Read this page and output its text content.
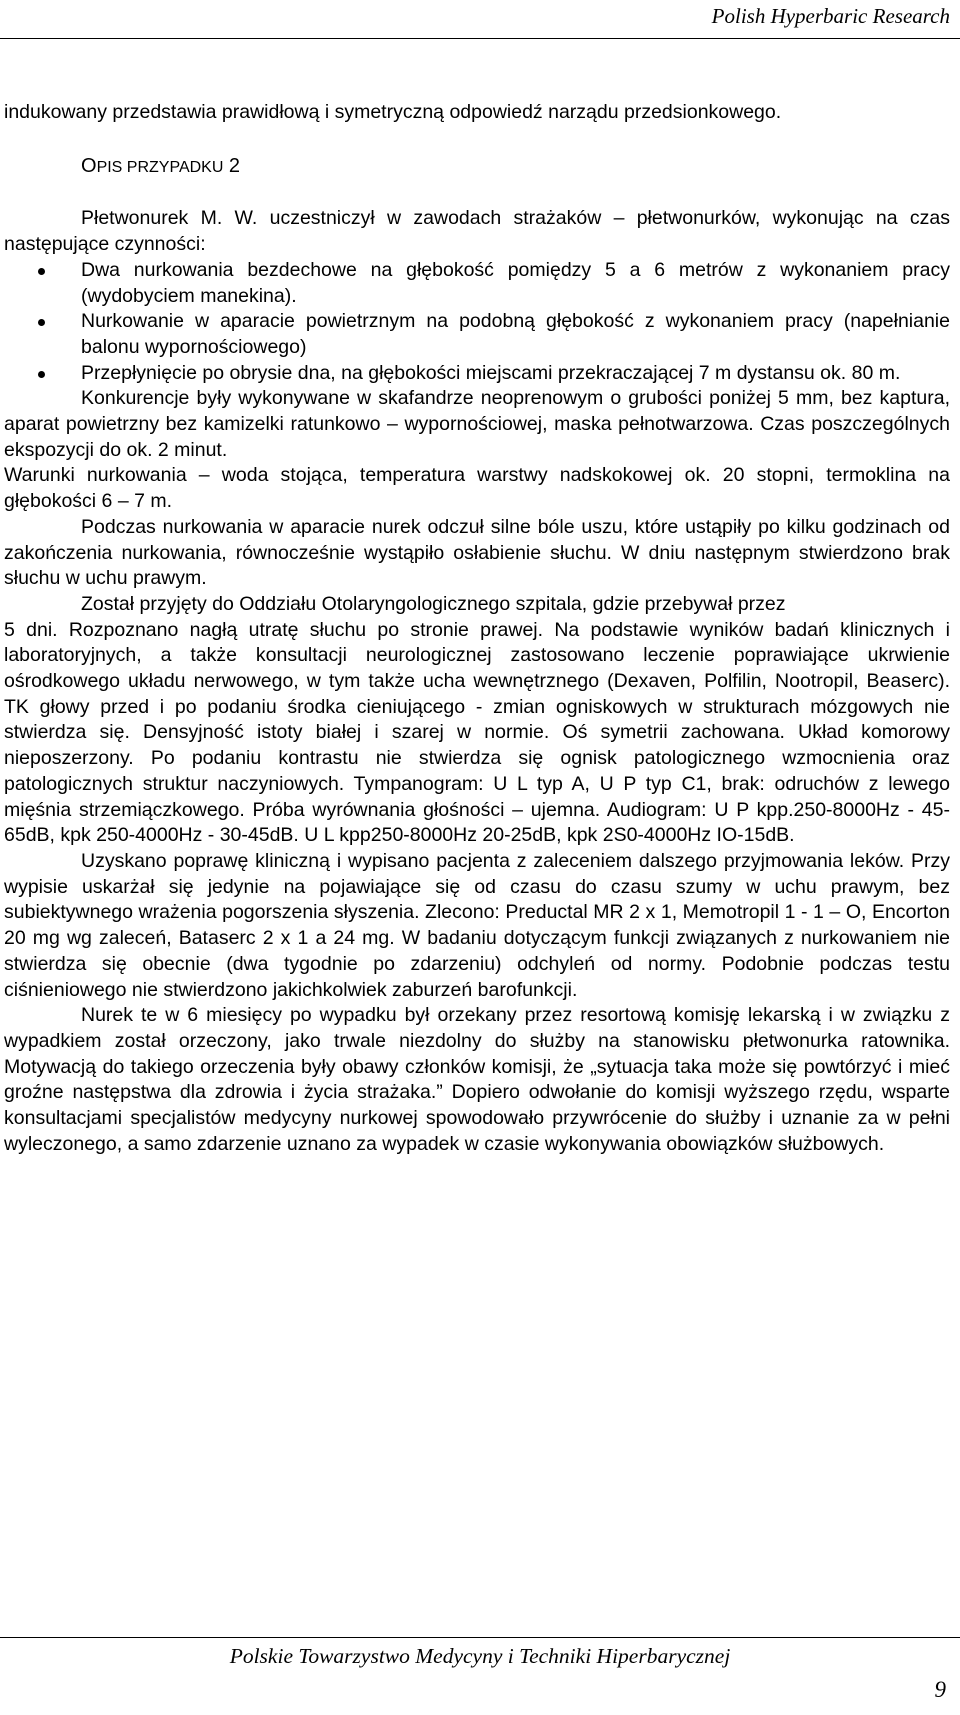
Polish Hyperbaric Research

indukowany przedstawia prawidłową i symetryczną odpowiedź narządu przedsionkowego.

OPIS PRZYPADKU 2

Płetwonurek M. W. uczestniczył w zawodach strażaków – płetwonurków, wykonując na czas następujące czynności:

Dwa nurkowania bezdechowe na głębokość pomiędzy 5 a 6 metrów z wykonaniem pracy (wydobyciem manekina).
Nurkowanie w aparacie powietrznym na podobną głębokość z wykonaniem pracy (napełnianie balonu wypornościowego)
Przepłynięcie po obrysie dna, na głębokości miejscami przekraczającej 7 m dystansu ok. 80 m.

Konkurencje były wykonywane w skafandrze neoprenowym o grubości poniżej 5 mm, bez kaptura, aparat powietrzny bez kamizelki ratunkowo – wypornościowej, maska pełnotwarzowa. Czas poszczególnych ekspozycji do ok. 2 minut.

Warunki nurkowania – woda stojąca, temperatura warstwy nadskokowej ok. 20 stopni, termoklina na głębokości 6 – 7 m.

Podczas nurkowania w aparacie nurek odczuł silne bóle uszu, które ustąpiły po kilku godzinach od zakończenia nurkowania, równocześnie wystąpiło osłabienie słuchu. W dniu następnym stwierdzono brak słuchu w uchu prawym.

Został przyjęty do Oddziału Otolaryngologicznego szpitala, gdzie przebywał przez

5 dni. Rozpoznano nagłą utratę słuchu po stronie prawej. Na podstawie wyników badań klinicznych i laboratoryjnych, a także konsultacji neurologicznej zastosowano leczenie poprawiające ukrwienie ośrodkowego układu nerwowego, w tym także ucha wewnętrznego (Dexaven, Polfilin, Nootropil, Beaserc). TK głowy przed i po podaniu środka cieniującego - zmian ogniskowych w strukturach mózgowych nie stwierdza się. Densyjność istoty białej i szarej w normie. Oś symetrii zachowana. Układ komorowy nieposzerzony. Po podaniu kontrastu nie stwierdza się ognisk patologicznego wzmocnienia oraz patologicznych struktur naczyniowych. Tympanogram: U L typ A, U P typ C1, brak: odruchów z lewego mięśnia strzemiączkowego. Próba wyrównania głośności – ujemna. Audiogram: U P kpp.250-8000Hz - 45-65dB, kpk 250-4000Hz - 30-45dB. U L kpp250-8000Hz 20-25dB, kpk 2S0-4000Hz IO-15dB.

Uzyskano poprawę kliniczną i wypisano pacjenta z zaleceniem dalszego przyjmowania leków. Przy wypisie uskarżał się jedynie na pojawiające się od czasu do czasu szumy w uchu prawym, bez subiektywnego wrażenia pogorszenia słyszenia. Zlecono: Preductal MR 2 x 1, Memotropil 1 - 1 – O, Encorton 20 mg wg zaleceń, Bataserc 2 x 1 a 24 mg. W badaniu dotyczącym funkcji związanych z nurkowaniem nie stwierdza się obecnie (dwa tygodnie po zdarzeniu) odchyleń od normy. Podobnie podczas testu ciśnieniowego nie stwierdzono jakichkolwiek zaburzeń barofunkcji.

Nurek te w 6 miesięcy po wypadku był orzekany przez resortową komisję lekarską i w związku z wypadkiem został orzeczony, jako trwale niezdolny do służby na stanowisku płetwonurka ratownika. Motywacją do takiego orzeczenia były obawy członków komisji, że „sytuacja taka może się powtórzyć i mieć groźne następstwa dla zdrowia i życia strażaka.” Dopiero odwołanie do komisji wyższego rzędu, wsparte konsultacjami specjalistów medycyny nurkowej spowodowało przywrócenie do służby i uznanie za w pełni wyleczonego, a samo zdarzenie uznano za wypadek w czasie wykonywania obowiązków służbowych.

Polskie Towarzystwo Medycyny i Techniki Hiperbarycznej
9
